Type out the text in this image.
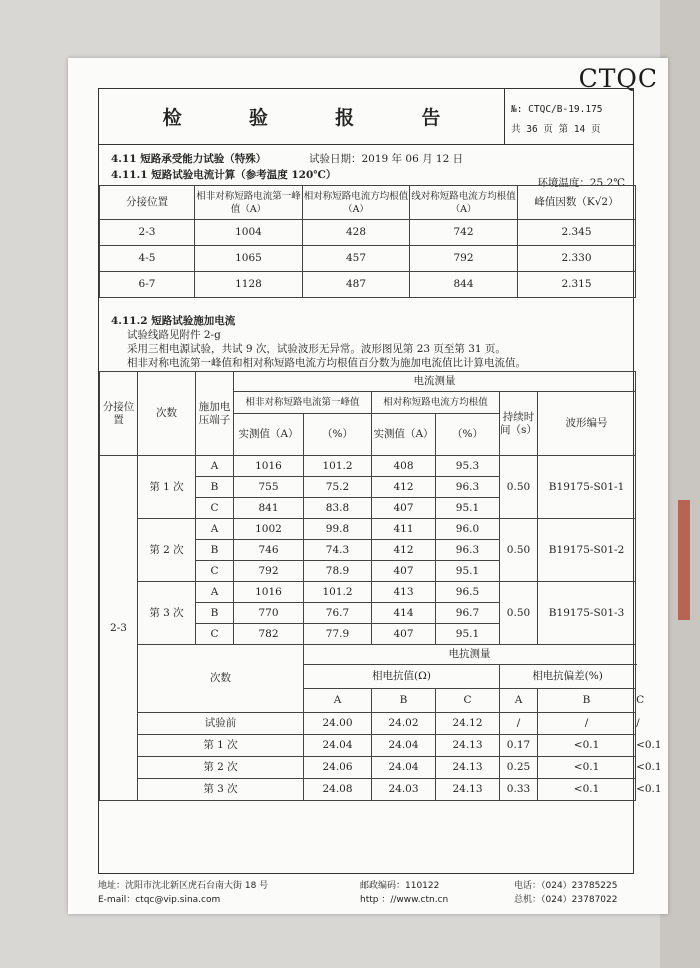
CTQC
检	验	报	告	№: CTQC/B-19.175
共 36 页 第 14 页
4.11 短路承受能力试验（特殊）	试验日期：2019 年 06 月 12 日
4.11.1 短路试验电流计算（参考温度 120℃）
环境温度：25.2℃
分接位置	相非对称短路电流第一峰值（A）	相对称短路电流方均根值（A）	线对称短路电流方均根值（A）	峰值因数（K√2）
2-3	1004	428	742	2.345
4-5	1065	457	792	2.330
6-7	1128	487	844	2.315
4.11.2 短路试验施加电流
试验线路见附件 2-g
采用三相电源试验，共试 9 次，试验波形无异常。波形图见第 23 页至第 31 页。
相非对称电流第一峰值和相对称短路电流方均根值百分数为施加电流值比计算电流值。
分接位置	次数	施加电压端子	电流测量						
			相非对称短路电流第一峰值		相对称短路电流方均根值		持续时间（s）	波形编号	
			实测值（A）	（%）	实测值（A）	（%）			
2-3	第 1 次	A	1016	101.2	408	95.3	0.50	B19175-S01-1	
		B	755	75.2	412	96.3			
		C	841	83.8	407	95.1			
	第 2 次	A	1002	99.8	411	96.0	0.50	B19175-S01-2	
		B	746	74.3	412	96.3			
		C	792	78.9	407	95.1			
	第 3 次	A	1016	101.2	413	96.5	0.50	B19175-S01-3	
		B	770	76.7	414	96.7			
		C	782	77.9	407	95.1			
	次数			电抗测量					
				相电抗值(Ω)			相电抗偏差(%)		
				A	B	C	A	B	C
	试验前			24.00	24.02	24.12	/	/	/
	第 1 次			24.04	24.04	24.13	0.17	<0.1	<0.1
	第 2 次			24.06	24.04	24.13	0.25	<0.1	<0.1
	第 3 次			24.08	24.03	24.13	0.33	<0.1	<0.1
地址：沈阳市沈北新区虎石台南大街 18 号
E-mail：ctqc@vip.sina.com
邮政编码：110122
http ：//www.ctn.cn
电话：（024）23785225
总机：（024）23787022
